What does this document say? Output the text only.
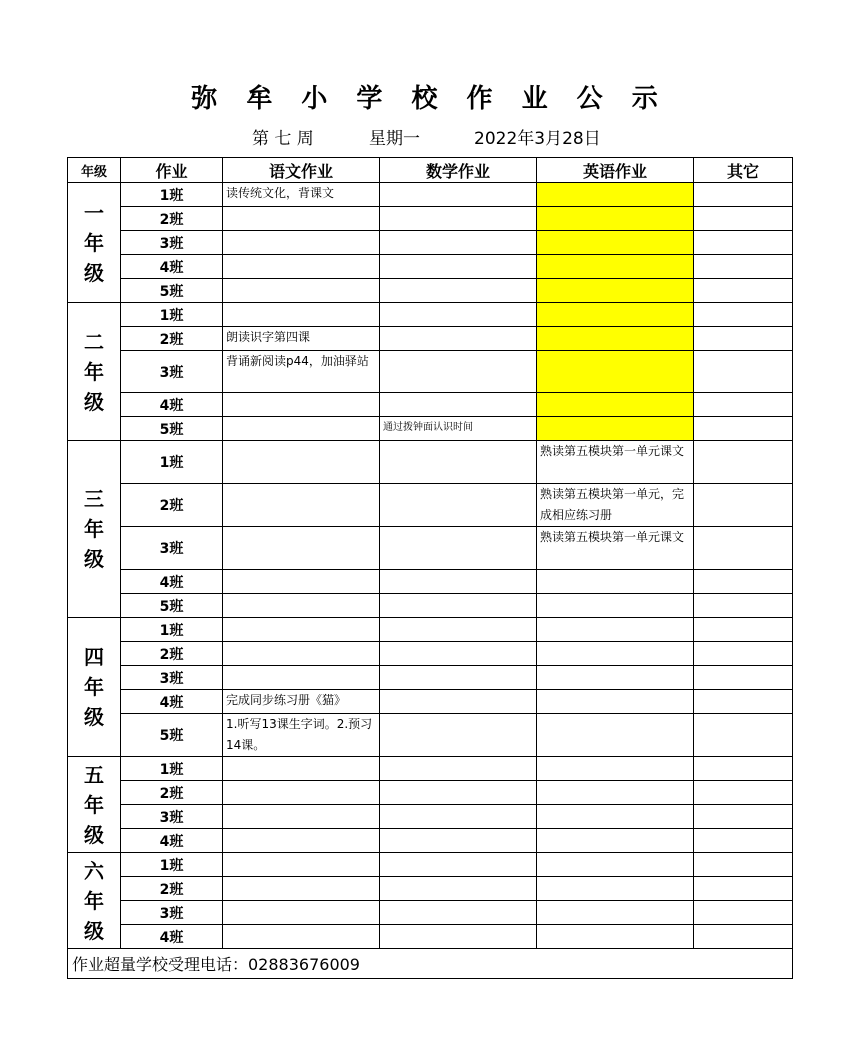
弥 牟 小 学 校 作 业 公 示
第 七 周	星期一	2022年3月28日
年级	作业	语文作业	数学作业	英语作业	其它

一
年
级	1班	读传统文化，背课文			
	2班				
	3班				
	4班				
	5班				

二
年
级	1班				
	2班	朗读识字第四课			
	3班	背诵新阅读p44，加油驿站			
	4班				
	5班		通过拨钟面认识时间		

三
年
级	1班			熟读第五模块第一单元课文	
	2班			熟读第五模块第一单元，完成相应练习册	
	3班			熟读第五模块第一单元课文	
	4班				
	5班				

四
年
级	1班				
	2班				
	3班				
	4班	完成同步练习册《猫》			
	5班	1.听写13课生字词。2.预习14课。			

五
年
级	1班				
	2班				
	3班				
	4班				

六
年
级	1班				
	2班				
	3班				
	4班				
作业超量学校受理电话：02883676009					
